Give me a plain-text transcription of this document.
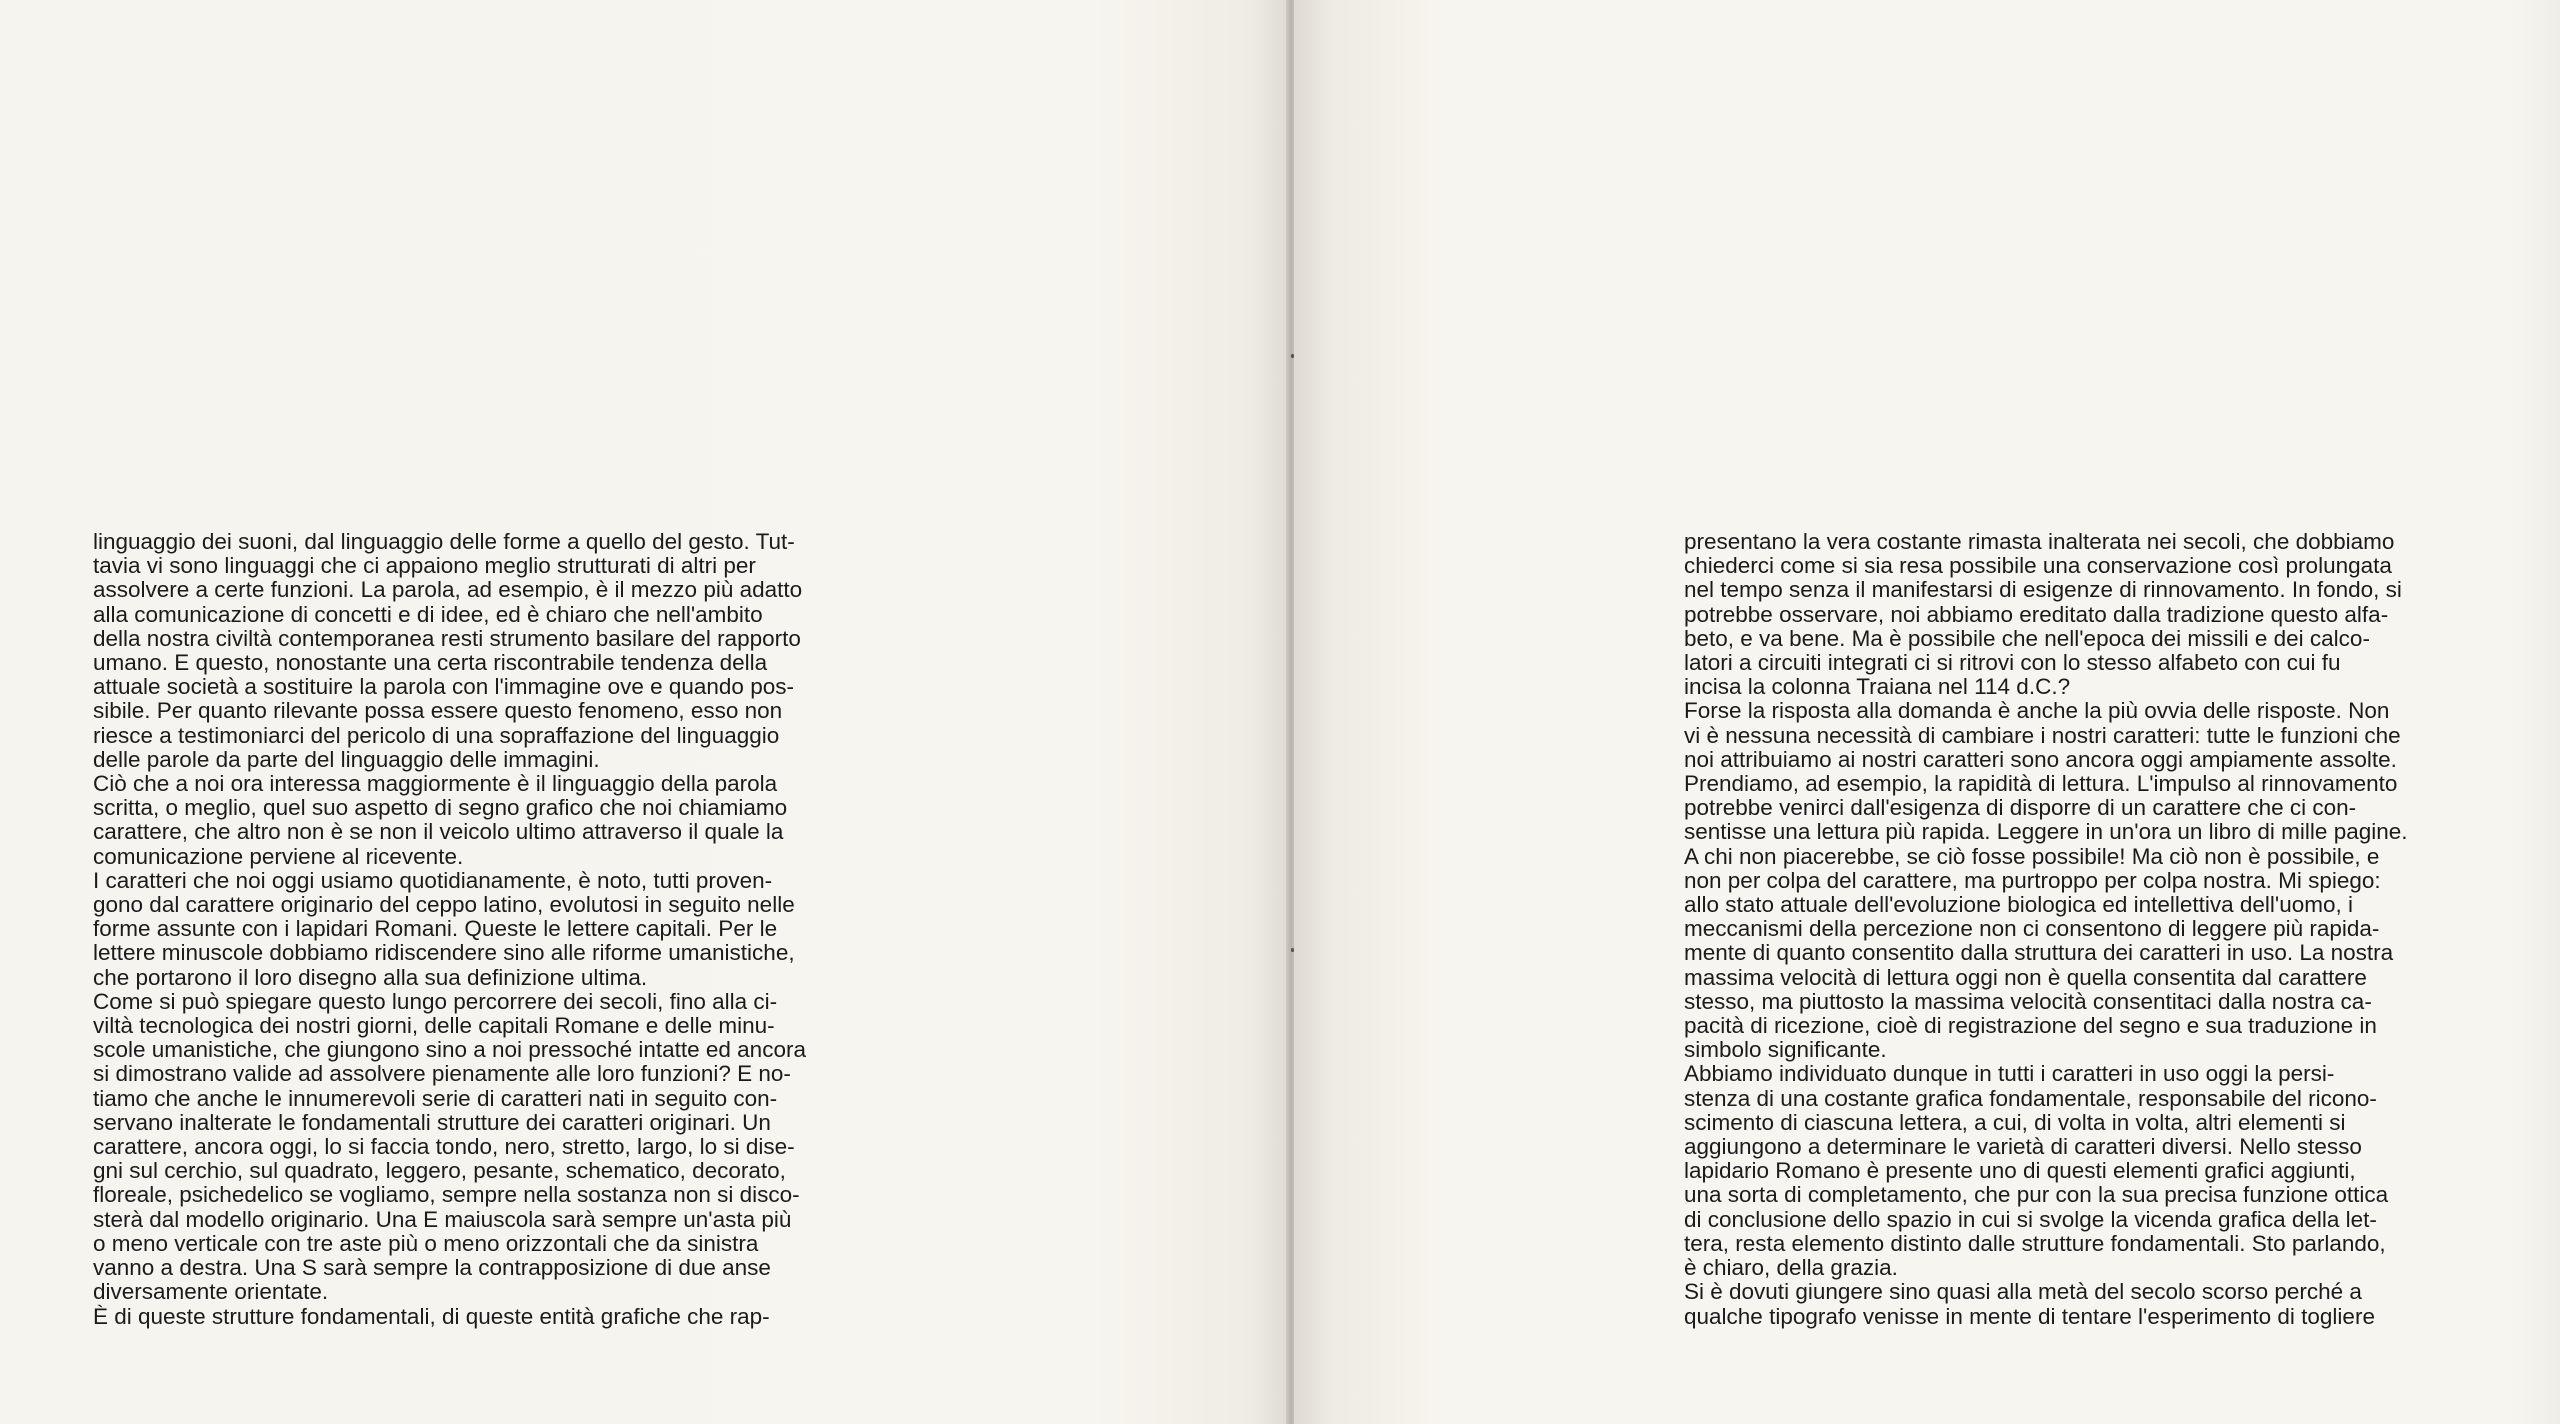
linguaggio dei suoni, dal linguaggio delle forme a quello del gesto. Tut-
tavia vi sono linguaggi che ci appaiono meglio strutturati di altri per
assolvere a certe funzioni. La parola, ad esempio, è il mezzo più adatto
alla comunicazione di concetti e di idee, ed è chiaro che nell'ambito
della nostra civiltà contemporanea resti strumento basilare del rapporto
umano. E questo, nonostante una certa riscontrabile tendenza della
attuale società a sostituire la parola con l'immagine ove e quando pos-
sibile. Per quanto rilevante possa essere questo fenomeno, esso non
riesce a testimoniarci del pericolo di una sopraffazione del linguaggio
delle parole da parte del linguaggio delle immagini.
Ciò che a noi ora interessa maggiormente è il linguaggio della parola
scritta, o meglio, quel suo aspetto di segno grafico che noi chiamiamo
carattere, che altro non è se non il veicolo ultimo attraverso il quale la
comunicazione perviene al ricevente.
I caratteri che noi oggi usiamo quotidianamente, è noto, tutti proven-
gono dal carattere originario del ceppo latino, evolutosi in seguito nelle
forme assunte con i lapidari Romani. Queste le lettere capitali. Per le
lettere minuscole dobbiamo ridiscendere sino alle riforme umanistiche,
che portarono il loro disegno alla sua definizione ultima.
Come si può spiegare questo lungo percorrere dei secoli, fino alla ci-
viltà tecnologica dei nostri giorni, delle capitali Romane e delle minu-
scole umanistiche, che giungono sino a noi pressoché intatte ed ancora
si dimostrano valide ad assolvere pienamente alle loro funzioni? E no-
tiamo che anche le innumerevoli serie di caratteri nati in seguito con-
servano inalterate le fondamentali strutture dei caratteri originari. Un
carattere, ancora oggi, lo si faccia tondo, nero, stretto, largo, lo si dise-
gni sul cerchio, sul quadrato, leggero, pesante, schematico, decorato,
floreale, psichedelico se vogliamo, sempre nella sostanza non si disco-
sterà dal modello originario. Una E maiuscola sarà sempre un'asta più
o meno verticale con tre aste più o meno orizzontali che da sinistra
vanno a destra. Una S sarà sempre la contrapposizione di due anse
diversamente orientate.
È di queste strutture fondamentali, di queste entità grafiche che rap-

presentano la vera costante rimasta inalterata nei secoli, che dobbiamo
chiederci come si sia resa possibile una conservazione così prolungata
nel tempo senza il manifestarsi di esigenze di rinnovamento. In fondo, si
potrebbe osservare, noi abbiamo ereditato dalla tradizione questo alfa-
beto, e va bene. Ma è possibile che nell'epoca dei missili e dei calco-
latori a circuiti integrati ci si ritrovi con lo stesso alfabeto con cui fu
incisa la colonna Traiana nel 114 d.C.?
Forse la risposta alla domanda è anche la più ovvia delle risposte. Non
vi è nessuna necessità di cambiare i nostri caratteri: tutte le funzioni che
noi attribuiamo ai nostri caratteri sono ancora oggi ampiamente assolte.
Prendiamo, ad esempio, la rapidità di lettura. L'impulso al rinnovamento
potrebbe venirci dall'esigenza di disporre di un carattere che ci con-
sentisse una lettura più rapida. Leggere in un'ora un libro di mille pagine.
A chi non piacerebbe, se ciò fosse possibile! Ma ciò non è possibile, e
non per colpa del carattere, ma purtroppo per colpa nostra. Mi spiego:
allo stato attuale dell'evoluzione biologica ed intellettiva dell'uomo, i
meccanismi della percezione non ci consentono di leggere più rapida-
mente di quanto consentito dalla struttura dei caratteri in uso. La nostra
massima velocità di lettura oggi non è quella consentita dal carattere
stesso, ma piuttosto la massima velocità consentitaci dalla nostra ca-
pacità di ricezione, cioè di registrazione del segno e sua traduzione in
simbolo significante.
Abbiamo individuato dunque in tutti i caratteri in uso oggi la persi-
stenza di una costante grafica fondamentale, responsabile del ricono-
scimento di ciascuna lettera, a cui, di volta in volta, altri elementi si
aggiungono a determinare le varietà di caratteri diversi. Nello stesso
lapidario Romano è presente uno di questi elementi grafici aggiunti,
una sorta di completamento, che pur con la sua precisa funzione ottica
di conclusione dello spazio in cui si svolge la vicenda grafica della let-
tera, resta elemento distinto dalle strutture fondamentali. Sto parlando,
è chiaro, della grazia.
Si è dovuti giungere sino quasi alla metà del secolo scorso perché a
qualche tipografo venisse in mente di tentare l'esperimento di togliere
